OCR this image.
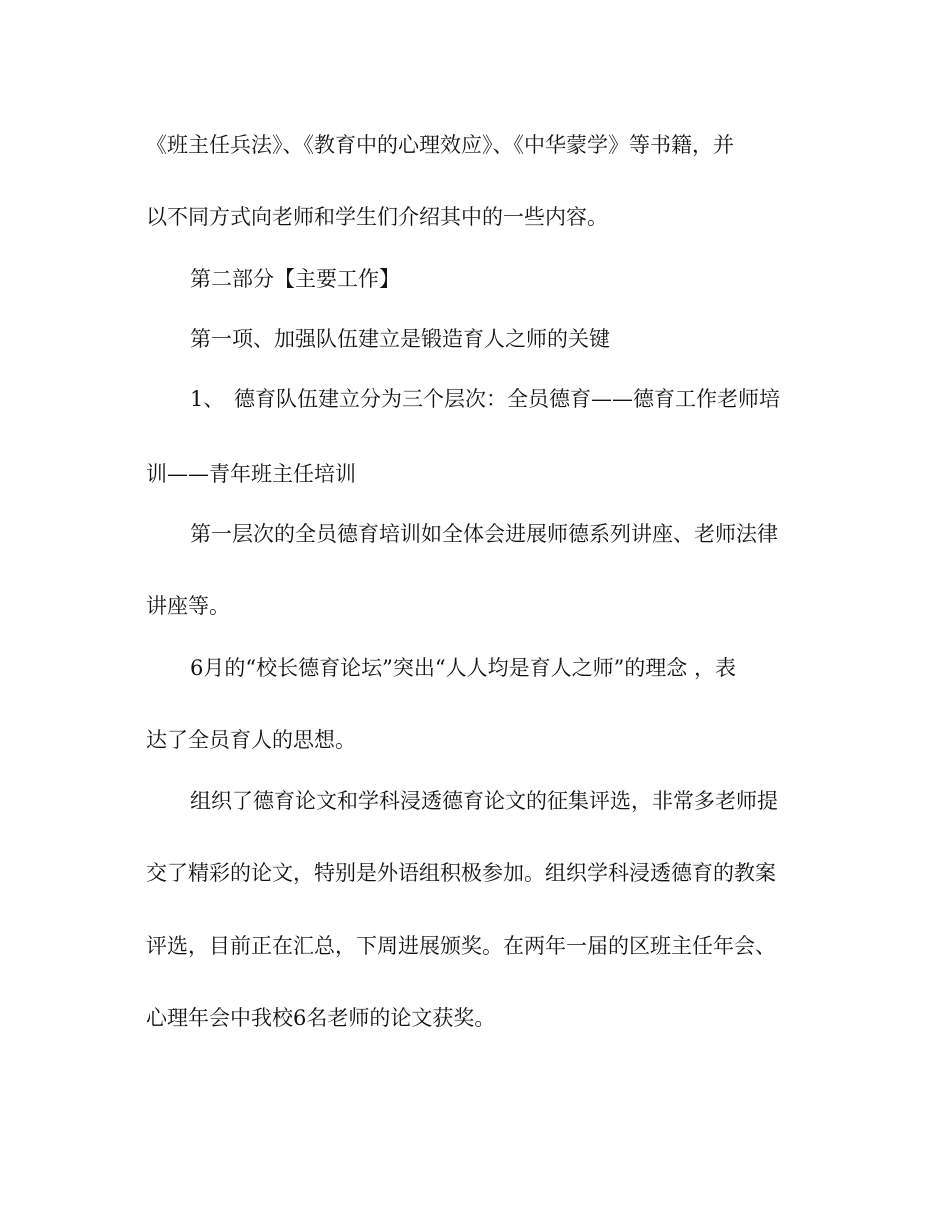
《班主任兵法》、《教育中的心理效应》、《中华蒙学》等书籍，并
以不同方式向老师和学生们介绍其中的一些内容。
第二部分【主要工作】
第一项、加强队伍建立是锻造育人之师的关键
1、 德育队伍建立分为三个层次：全员德育——德育工作老师培
训——青年班主任培训
第一层次的全员德育培训如全体会进展师德系列讲座、老师法律
讲座等。
6月的“校长德育论坛”突出“人人均是育人之师”的理念 ，表
达了全员育人的思想。
组织了德育论文和学科浸透德育论文的征集评选，非常多老师提
交了精彩的论文，特别是外语组积极参加。组织学科浸透德育的教案
评选，目前正在汇总，下周进展颁奖。在两年一届的区班主任年会、
心理年会中我校6名老师的论文获奖。
